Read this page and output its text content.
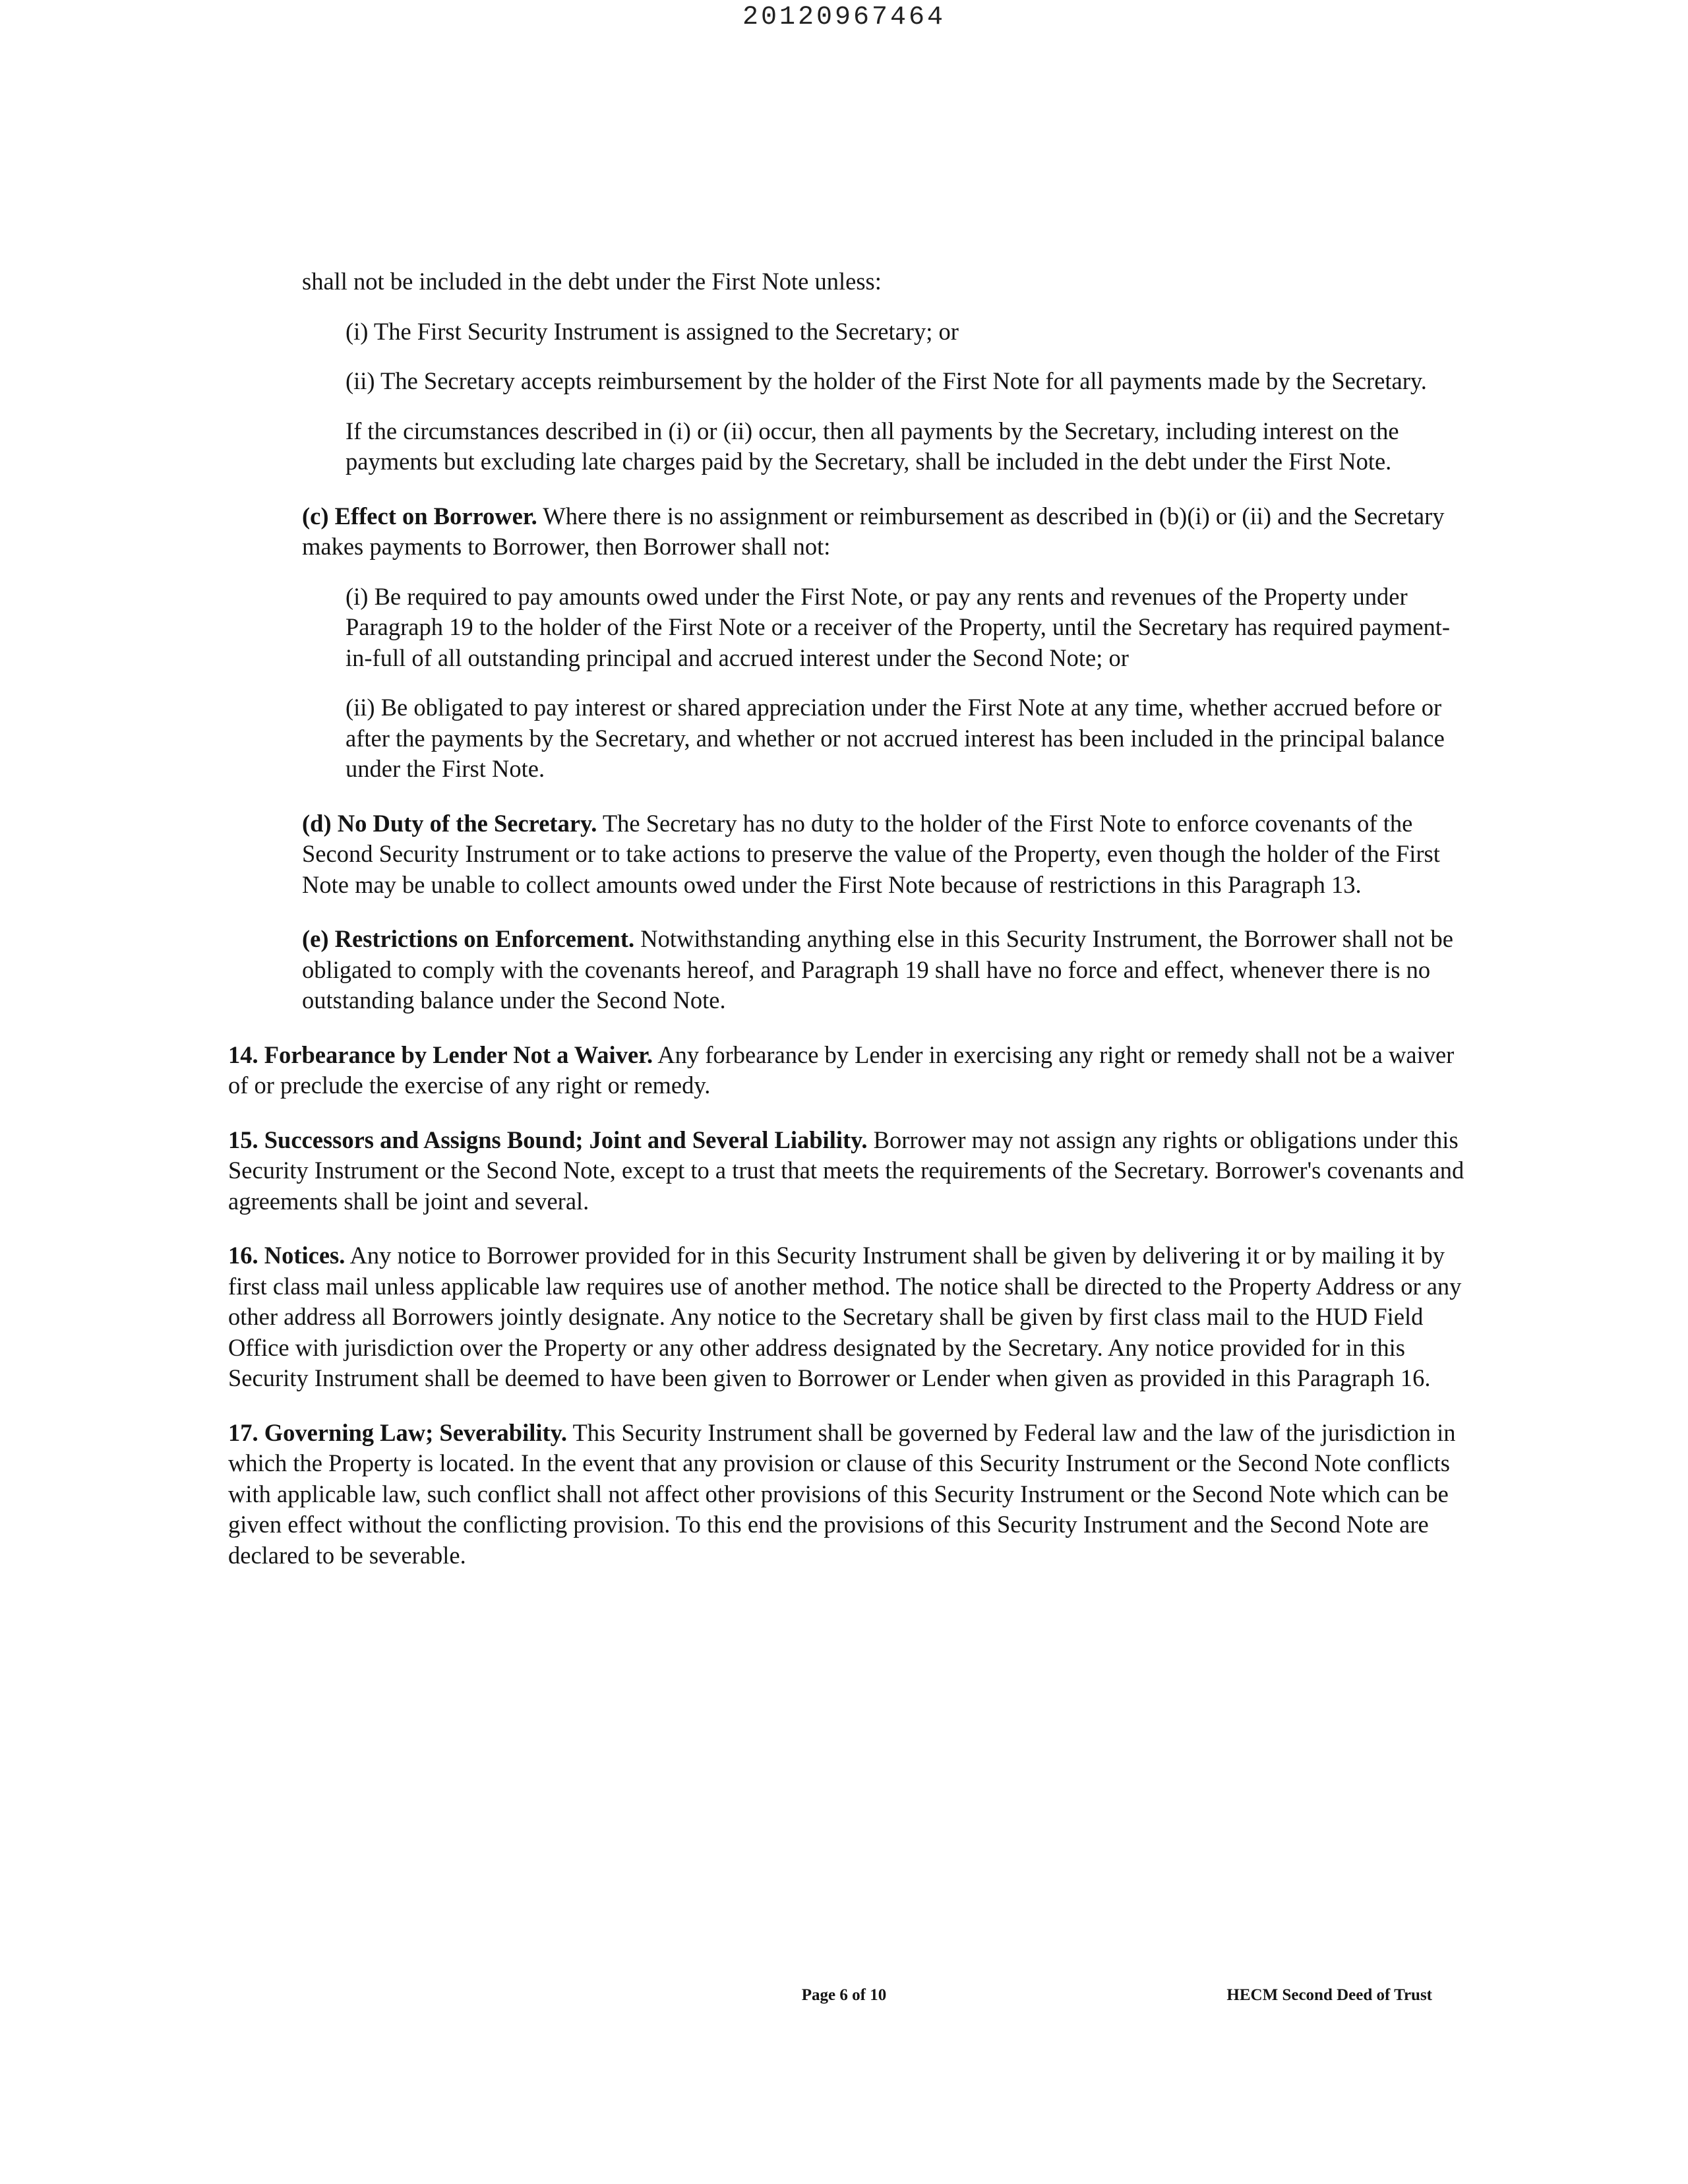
20120967464

shall not be included in the debt under the First Note unless:

(i) The First Security Instrument is assigned to the Secretary; or

(ii) The Secretary accepts reimbursement by the holder of the First Note for all payments made by the Secretary.

If the circumstances described in (i) or (ii) occur, then all payments by the Secretary, including interest on the payments but excluding late charges paid by the Secretary, shall be included in the debt under the First Note.

(c) Effect on Borrower. Where there is no assignment or reimbursement as described in (b)(i) or (ii) and the Secretary makes payments to Borrower, then Borrower shall not:

(i) Be required to pay amounts owed under the First Note, or pay any rents and revenues of the Property under Paragraph 19 to the holder of the First Note or a receiver of the Property, until the Secretary has required payment-in-full of all outstanding principal and accrued interest under the Second Note; or

(ii) Be obligated to pay interest or shared appreciation under the First Note at any time, whether accrued before or after the payments by the Secretary, and whether or not accrued interest has been included in the principal balance under the First Note.

(d) No Duty of the Secretary. The Secretary has no duty to the holder of the First Note to enforce covenants of the Second Security Instrument or to take actions to preserve the value of the Property, even though the holder of the First Note may be unable to collect amounts owed under the First Note because of restrictions in this Paragraph 13.

(e) Restrictions on Enforcement. Notwithstanding anything else in this Security Instrument, the Borrower shall not be obligated to comply with the covenants hereof, and Paragraph 19 shall have no force and effect, whenever there is no outstanding balance under the Second Note.

14. Forbearance by Lender Not a Waiver. Any forbearance by Lender in exercising any right or remedy shall not be a waiver of or preclude the exercise of any right or remedy.

15. Successors and Assigns Bound; Joint and Several Liability. Borrower may not assign any rights or obligations under this Security Instrument or the Second Note, except to a trust that meets the requirements of the Secretary. Borrower's covenants and agreements shall be joint and several.

16. Notices. Any notice to Borrower provided for in this Security Instrument shall be given by delivering it or by mailing it by first class mail unless applicable law requires use of another method. The notice shall be directed to the Property Address or any other address all Borrowers jointly designate. Any notice to the Secretary shall be given by first class mail to the HUD Field Office with jurisdiction over the Property or any other address designated by the Secretary. Any notice provided for in this Security Instrument shall be deemed to have been given to Borrower or Lender when given as provided in this Paragraph 16.

17. Governing Law; Severability. This Security Instrument shall be governed by Federal law and the law of the jurisdiction in which the Property is located. In the event that any provision or clause of this Security Instrument or the Second Note conflicts with applicable law, such conflict shall not affect other provisions of this Security Instrument or the Second Note which can be given effect without the conflicting provision. To this end the provisions of this Security Instrument and the Second Note are declared to be severable.

Page 6 of 10	HECM Second Deed of Trust
